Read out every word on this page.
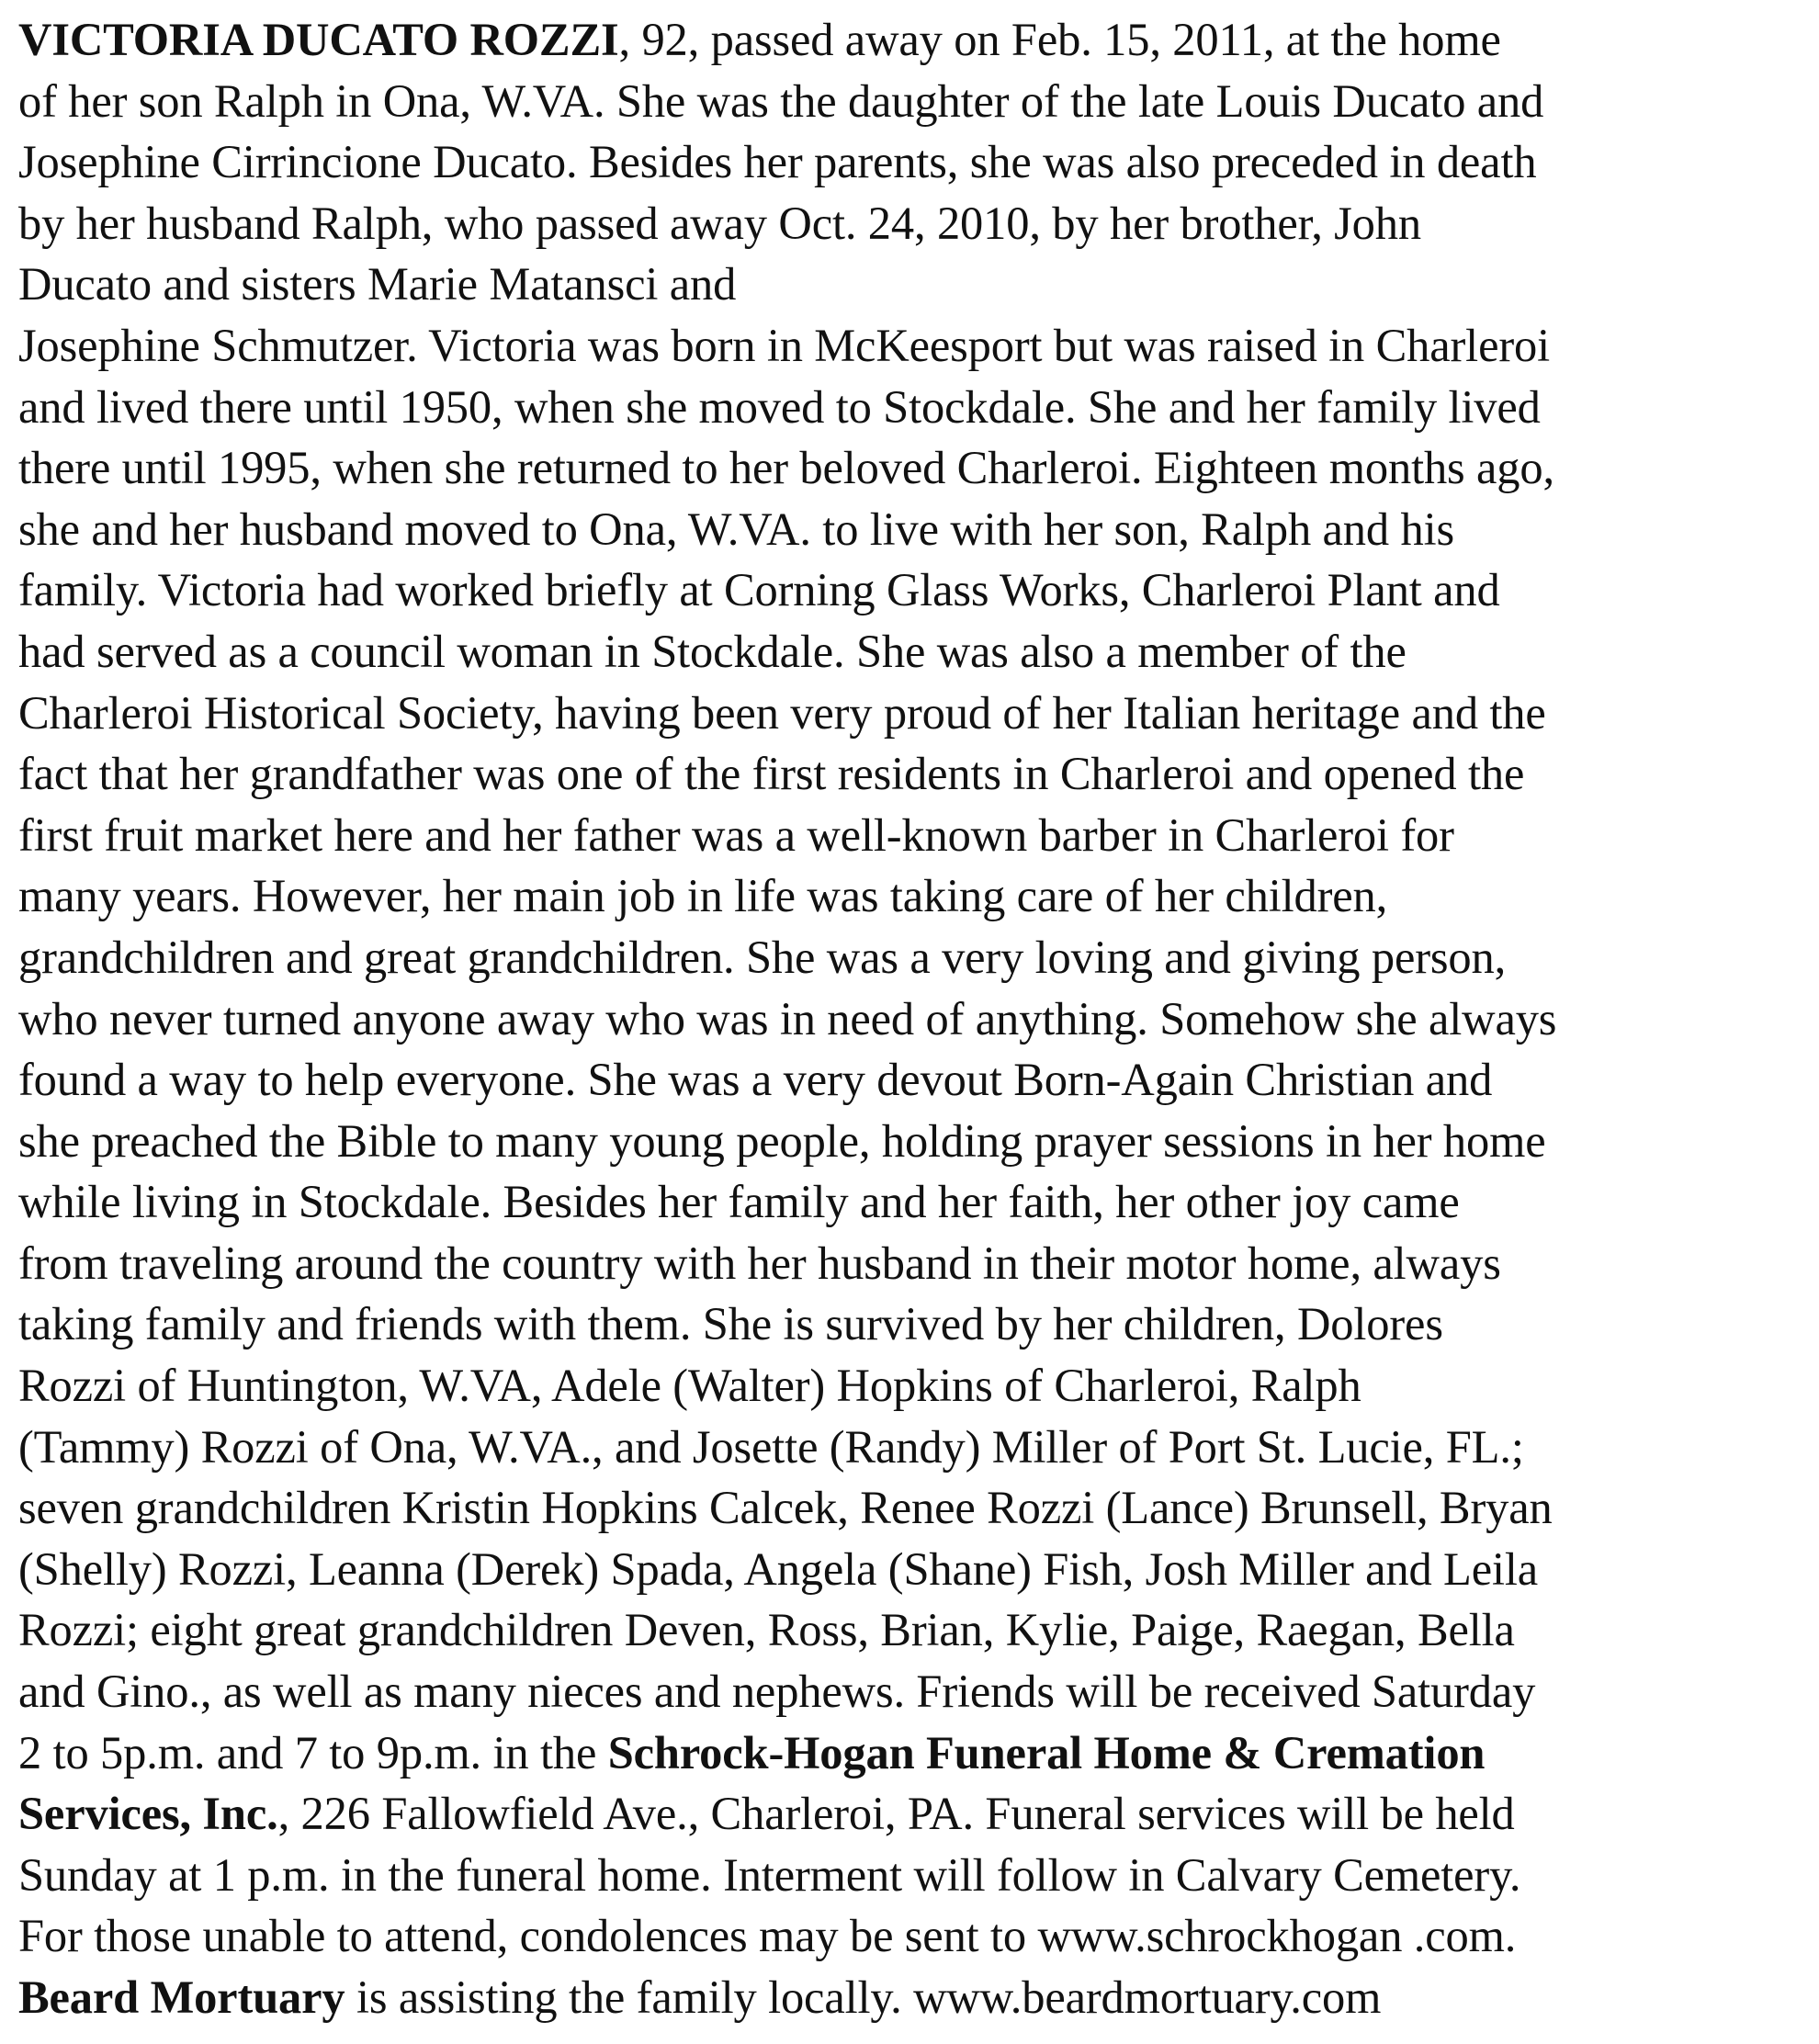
VICTORIA DUCATO ROZZI, 92, passed away on Feb. 15, 2011, at the home
of her son Ralph in Ona, W.VA. She was the daughter of the late Louis Ducato and
Josephine Cirrincione Ducato. Besides her parents, she was also preceded in death
by her husband Ralph, who passed away Oct. 24, 2010, by her brother, John
Ducato and sisters Marie Matansci and
Josephine Schmutzer. Victoria was born in McKeesport but was raised in Charleroi
and lived there until 1950, when she moved to Stockdale. She and her family lived
there until 1995, when she returned to her beloved Charleroi. Eighteen months ago,
she and her husband moved to Ona, W.VA. to live with her son, Ralph and his
family. Victoria had worked briefly at Corning Glass Works, Charleroi Plant and
had served as a council woman in Stockdale. She was also a member of the
Charleroi Historical Society, having been very proud of her Italian heritage and the
fact that her grandfather was one of the first residents in Charleroi and opened the
first fruit market here and her father was a well-known barber in Charleroi for
many years. However, her main job in life was taking care of her children,
grandchildren and great grandchildren. She was a very loving and giving person,
who never turned anyone away who was in need of anything. Somehow she always
found a way to help everyone. She was a very devout Born-Again Christian and
she preached the Bible to many young people, holding prayer sessions in her home
while living in Stockdale. Besides her family and her faith, her other joy came
from traveling around the country with her husband in their motor home, always
taking family and friends with them. She is survived by her children, Dolores
Rozzi of Huntington, W.VA, Adele (Walter) Hopkins of Charleroi, Ralph
(Tammy) Rozzi of Ona, W.VA., and Josette (Randy) Miller of Port St. Lucie, FL.;
seven grandchildren Kristin Hopkins Calcek, Renee Rozzi (Lance) Brunsell, Bryan
(Shelly) Rozzi, Leanna (Derek) Spada, Angela (Shane) Fish, Josh Miller and Leila
Rozzi; eight great grandchildren Deven, Ross, Brian, Kylie, Paige, Raegan, Bella
and Gino., as well as many nieces and nephews. Friends will be received Saturday
2 to 5p.m. and 7 to 9p.m. in the Schrock-Hogan Funeral Home & Cremation
Services, Inc., 226 Fallowfield Ave., Charleroi, PA. Funeral services will be held
Sunday at 1 p.m. in the funeral home. Interment will follow in Calvary Cemetery.
For those unable to attend, condolences may be sent to www.schrockhogan .com.
Beard Mortuary is assisting the family locally. www.beardmortuary.com
